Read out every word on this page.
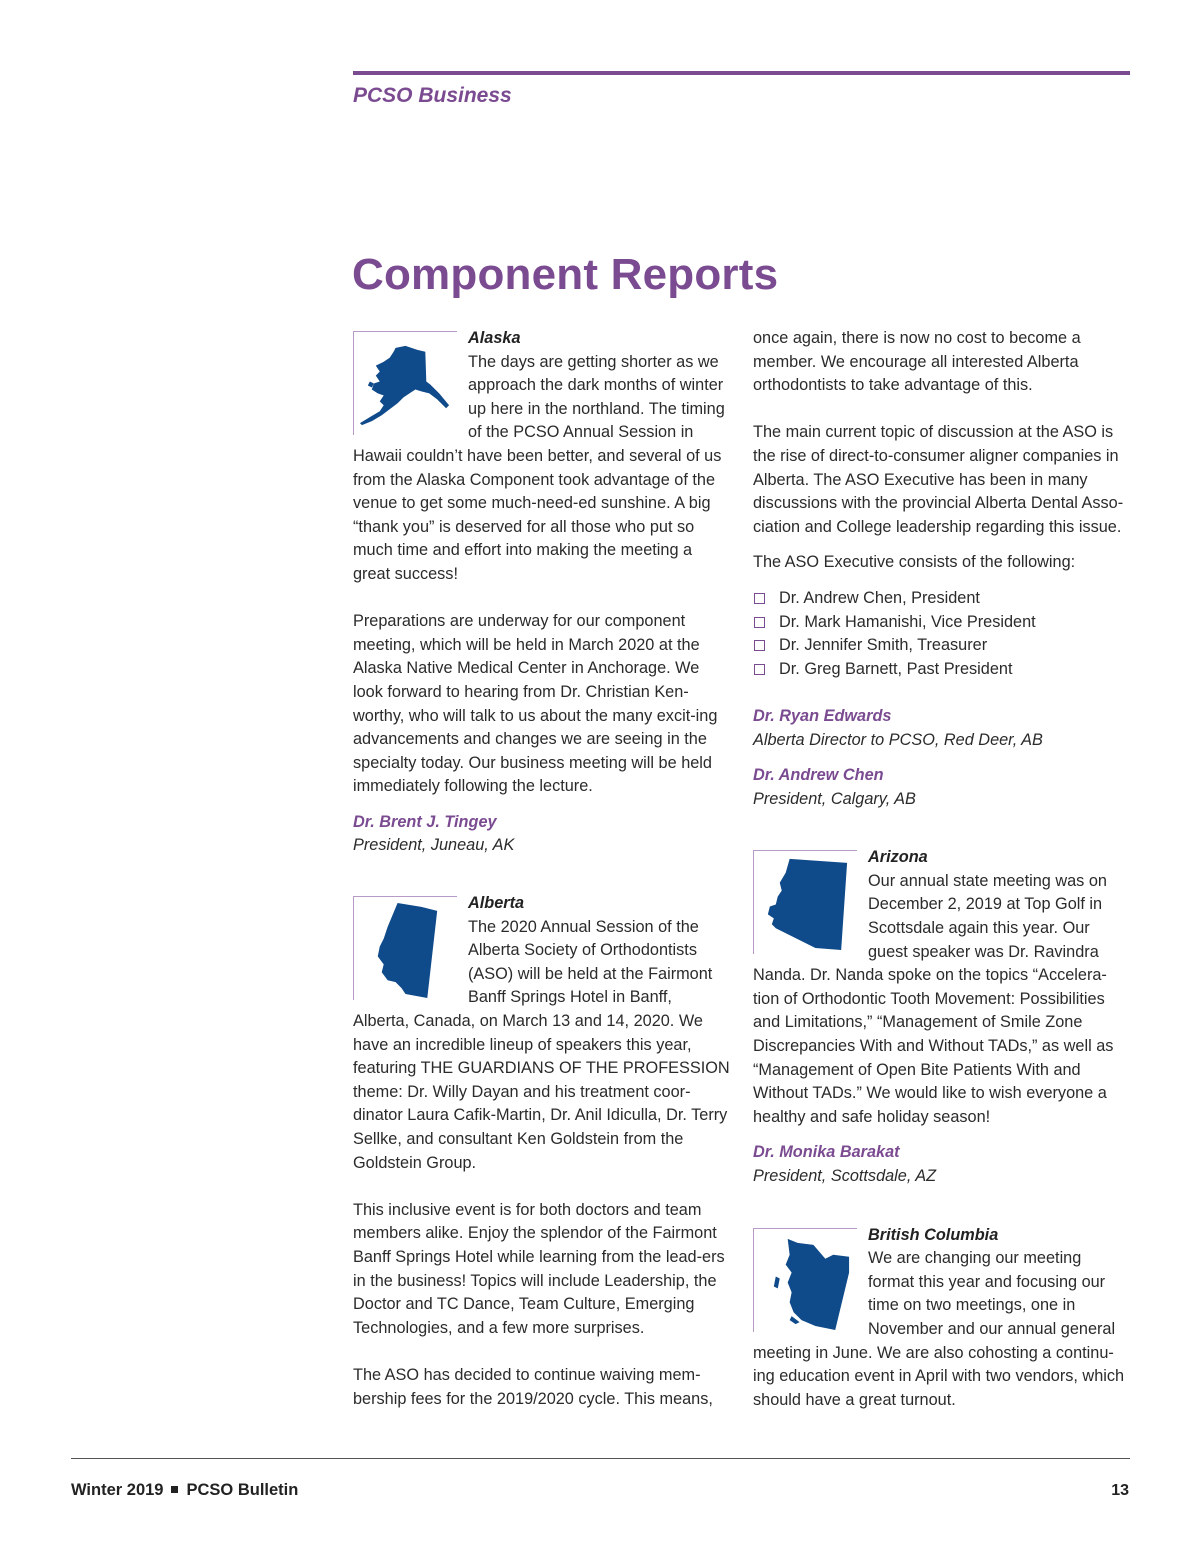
PCSO Business
Component Reports

Alaska

The days are getting shorter as we approach the dark months of winter up here in the northland. The timing of the PCSO Annual Session in Hawaii couldn’t have been better, and several of us from the Alaska Component took advantage of the venue to get some much-need-ed sunshine. A big “thank you” is deserved for all those who put so much time and effort into making the meeting a great success!

Preparations are underway for our component meeting, which will be held in March 2020 at the Alaska Native Medical Center in Anchorage. We look forward to hearing from Dr. Christian Ken-worthy, who will talk to us about the many excit-ing advancements and changes we are seeing in the specialty today. Our business meeting will be held immediately following the lecture.

Dr. Brent J. Tingey

President, Juneau, AK

Alberta

The 2020 Annual Session of the Alberta Society of Orthodontists (ASO) will be held at the Fairmont Banff Springs Hotel in Banff, Alberta, Canada, on March 13 and 14, 2020. We have an incredible lineup of speakers this year, featuring THE GUARDIANS OF THE PROFESSION theme: Dr. Willy Dayan and his treatment coor-dinator Laura Cafik-Martin, Dr. Anil Idiculla, Dr. Terry Sellke, and consultant Ken Goldstein from the Goldstein Group.

This inclusive event is for both doctors and team members alike. Enjoy the splendor of the Fairmont Banff Springs Hotel while learning from the lead-ers in the business! Topics will include Leadership, the Doctor and TC Dance, Team Culture, Emerging Technologies, and a few more surprises.

The ASO has decided to continue waiving mem-bership fees for the 2019/2020 cycle. This means,

once again, there is now no cost to become a member. We encourage all interested Alberta orthodontists to take advantage of this.

The main current topic of discussion at the ASO is the rise of direct-to-consumer aligner companies in Alberta. The ASO Executive has been in many discussions with the provincial Alberta Dental Asso-ciation and College leadership regarding this issue.

The ASO Executive consists of the following:

Dr. Andrew Chen, President
Dr. Mark Hamanishi, Vice President
Dr. Jennifer Smith, Treasurer
Dr. Greg Barnett, Past President

Dr. Ryan Edwards

Alberta Director to PCSO, Red Deer, AB

Dr. Andrew Chen

President, Calgary, AB

Arizona

Our annual state meeting was on December 2, 2019 at Top Golf in Scottsdale again this year. Our guest speaker was Dr. Ravindra Nanda. Dr. Nanda spoke on the topics “Accelera-tion of Orthodontic Tooth Movement: Possibilities and Limitations,” “Management of Smile Zone Discrepancies With and Without TADs,” as well as “Management of Open Bite Patients With and Without TADs.” We would like to wish everyone a healthy and safe holiday season!

Dr. Monika Barakat

President, Scottsdale, AZ

British Columbia

We are changing our meeting format this year and focusing our time on two meetings, one in November and our annual general meeting in June. We are also cohosting a continu-ing education event in April with two vendors, which should have a great turnout.

Winter 2019 PCSO Bulletin	13
